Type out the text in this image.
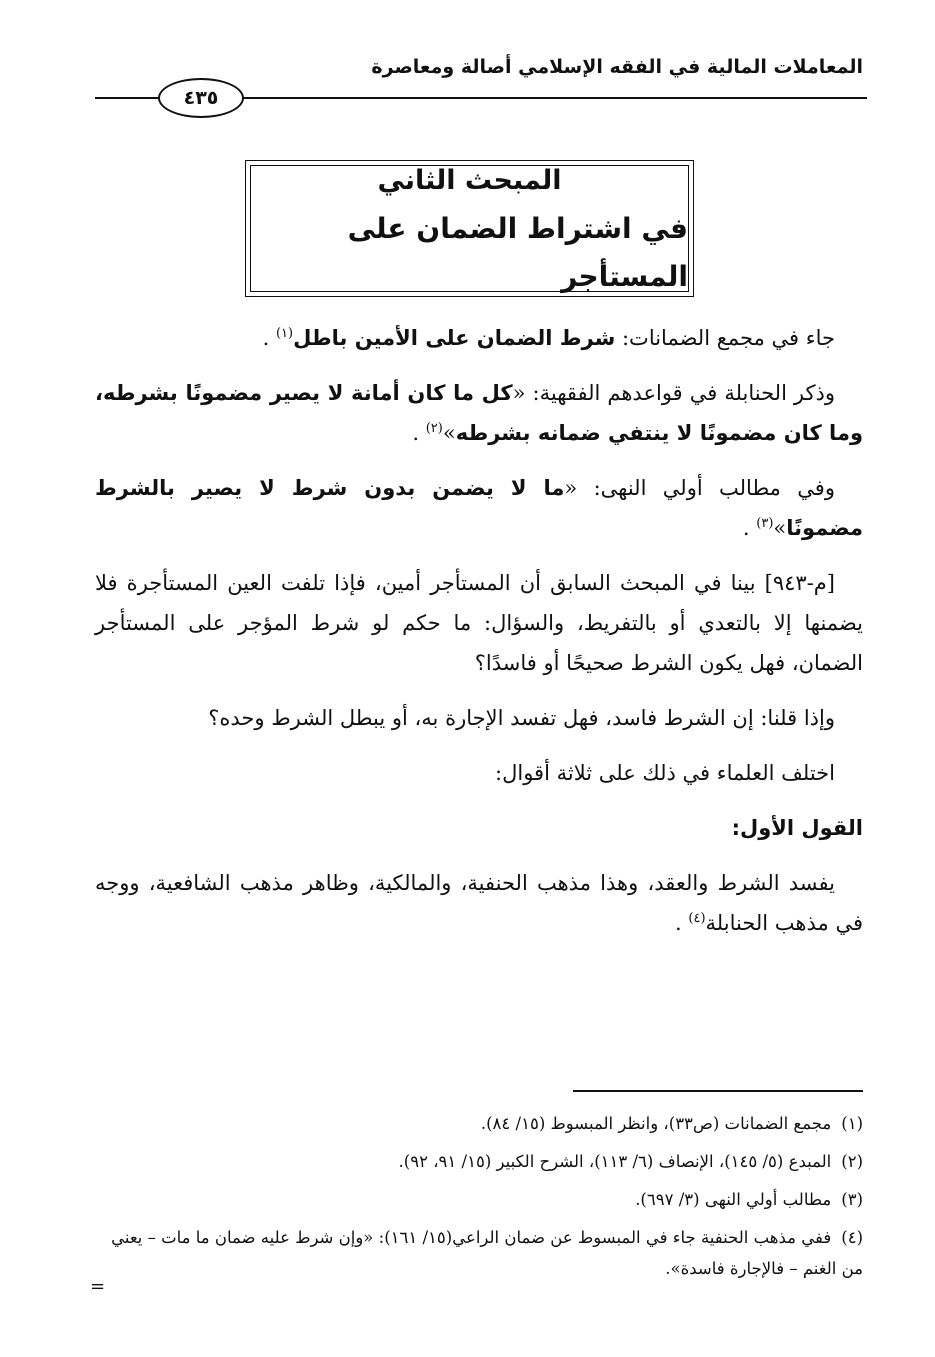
المعاملات المالية في الفقه الإسلامي أصالة ومعاصرة
٤٣٥
المبحث الثاني
في اشتراط الضمان على المستأجر

جاء في مجمع الضمانات: شرط الضمان على الأمين باطل$^{(١)}$ .

وذكر الحنابلة في قواعدهم الفقهية: «كل ما كان أمانة لا يصير مضمونًا بشرطه، وما كان مضمونًا لا ينتفي ضمانه بشرطه»$^{(٢)}$ .

وفي مطالب أولي النهى: «ما لا يضمن بدون شرط لا يصير بالشرط مضمونًا»$^{(٣)}$ .

[م-٩٤٣] بينا في المبحث السابق أن المستأجر أمين، فإذا تلفت العين المستأجرة فلا يضمنها إلا بالتعدي أو بالتفريط، والسؤال: ما حكم لو شرط المؤجر على المستأجر الضمان، فهل يكون الشرط صحيحًا أو فاسدًا؟

وإذا قلنا: إن الشرط فاسد، فهل تفسد الإجارة به، أو يبطل الشرط وحده؟

اختلف العلماء في ذلك على ثلاثة أقوال:

القول الأول:

يفسد الشرط والعقد، وهذا مذهب الحنفية، والمالكية، وظاهر مذهب الشافعية، ووجه في مذهب الحنابلة$^{(٤)}$ .

(١)مجمع الضمانات (ص٣٣)، وانظر المبسوط (١٥/ ٨٤).
(٢)المبدع (٥/ ١٤٥)، الإنصاف (٦/ ١١٣)، الشرح الكبير (١٥/ ٩١، ٩٢).
(٣)مطالب أولي النهى (٣/ ٦٩٧).
(٤)ففي مذهب الحنفية جاء في المبسوط عن ضمان الراعي(١٥/ ١٦١): «وإن شرط عليه ضمان ما مات – يعني من الغنم – فالإجارة فاسدة».
=
